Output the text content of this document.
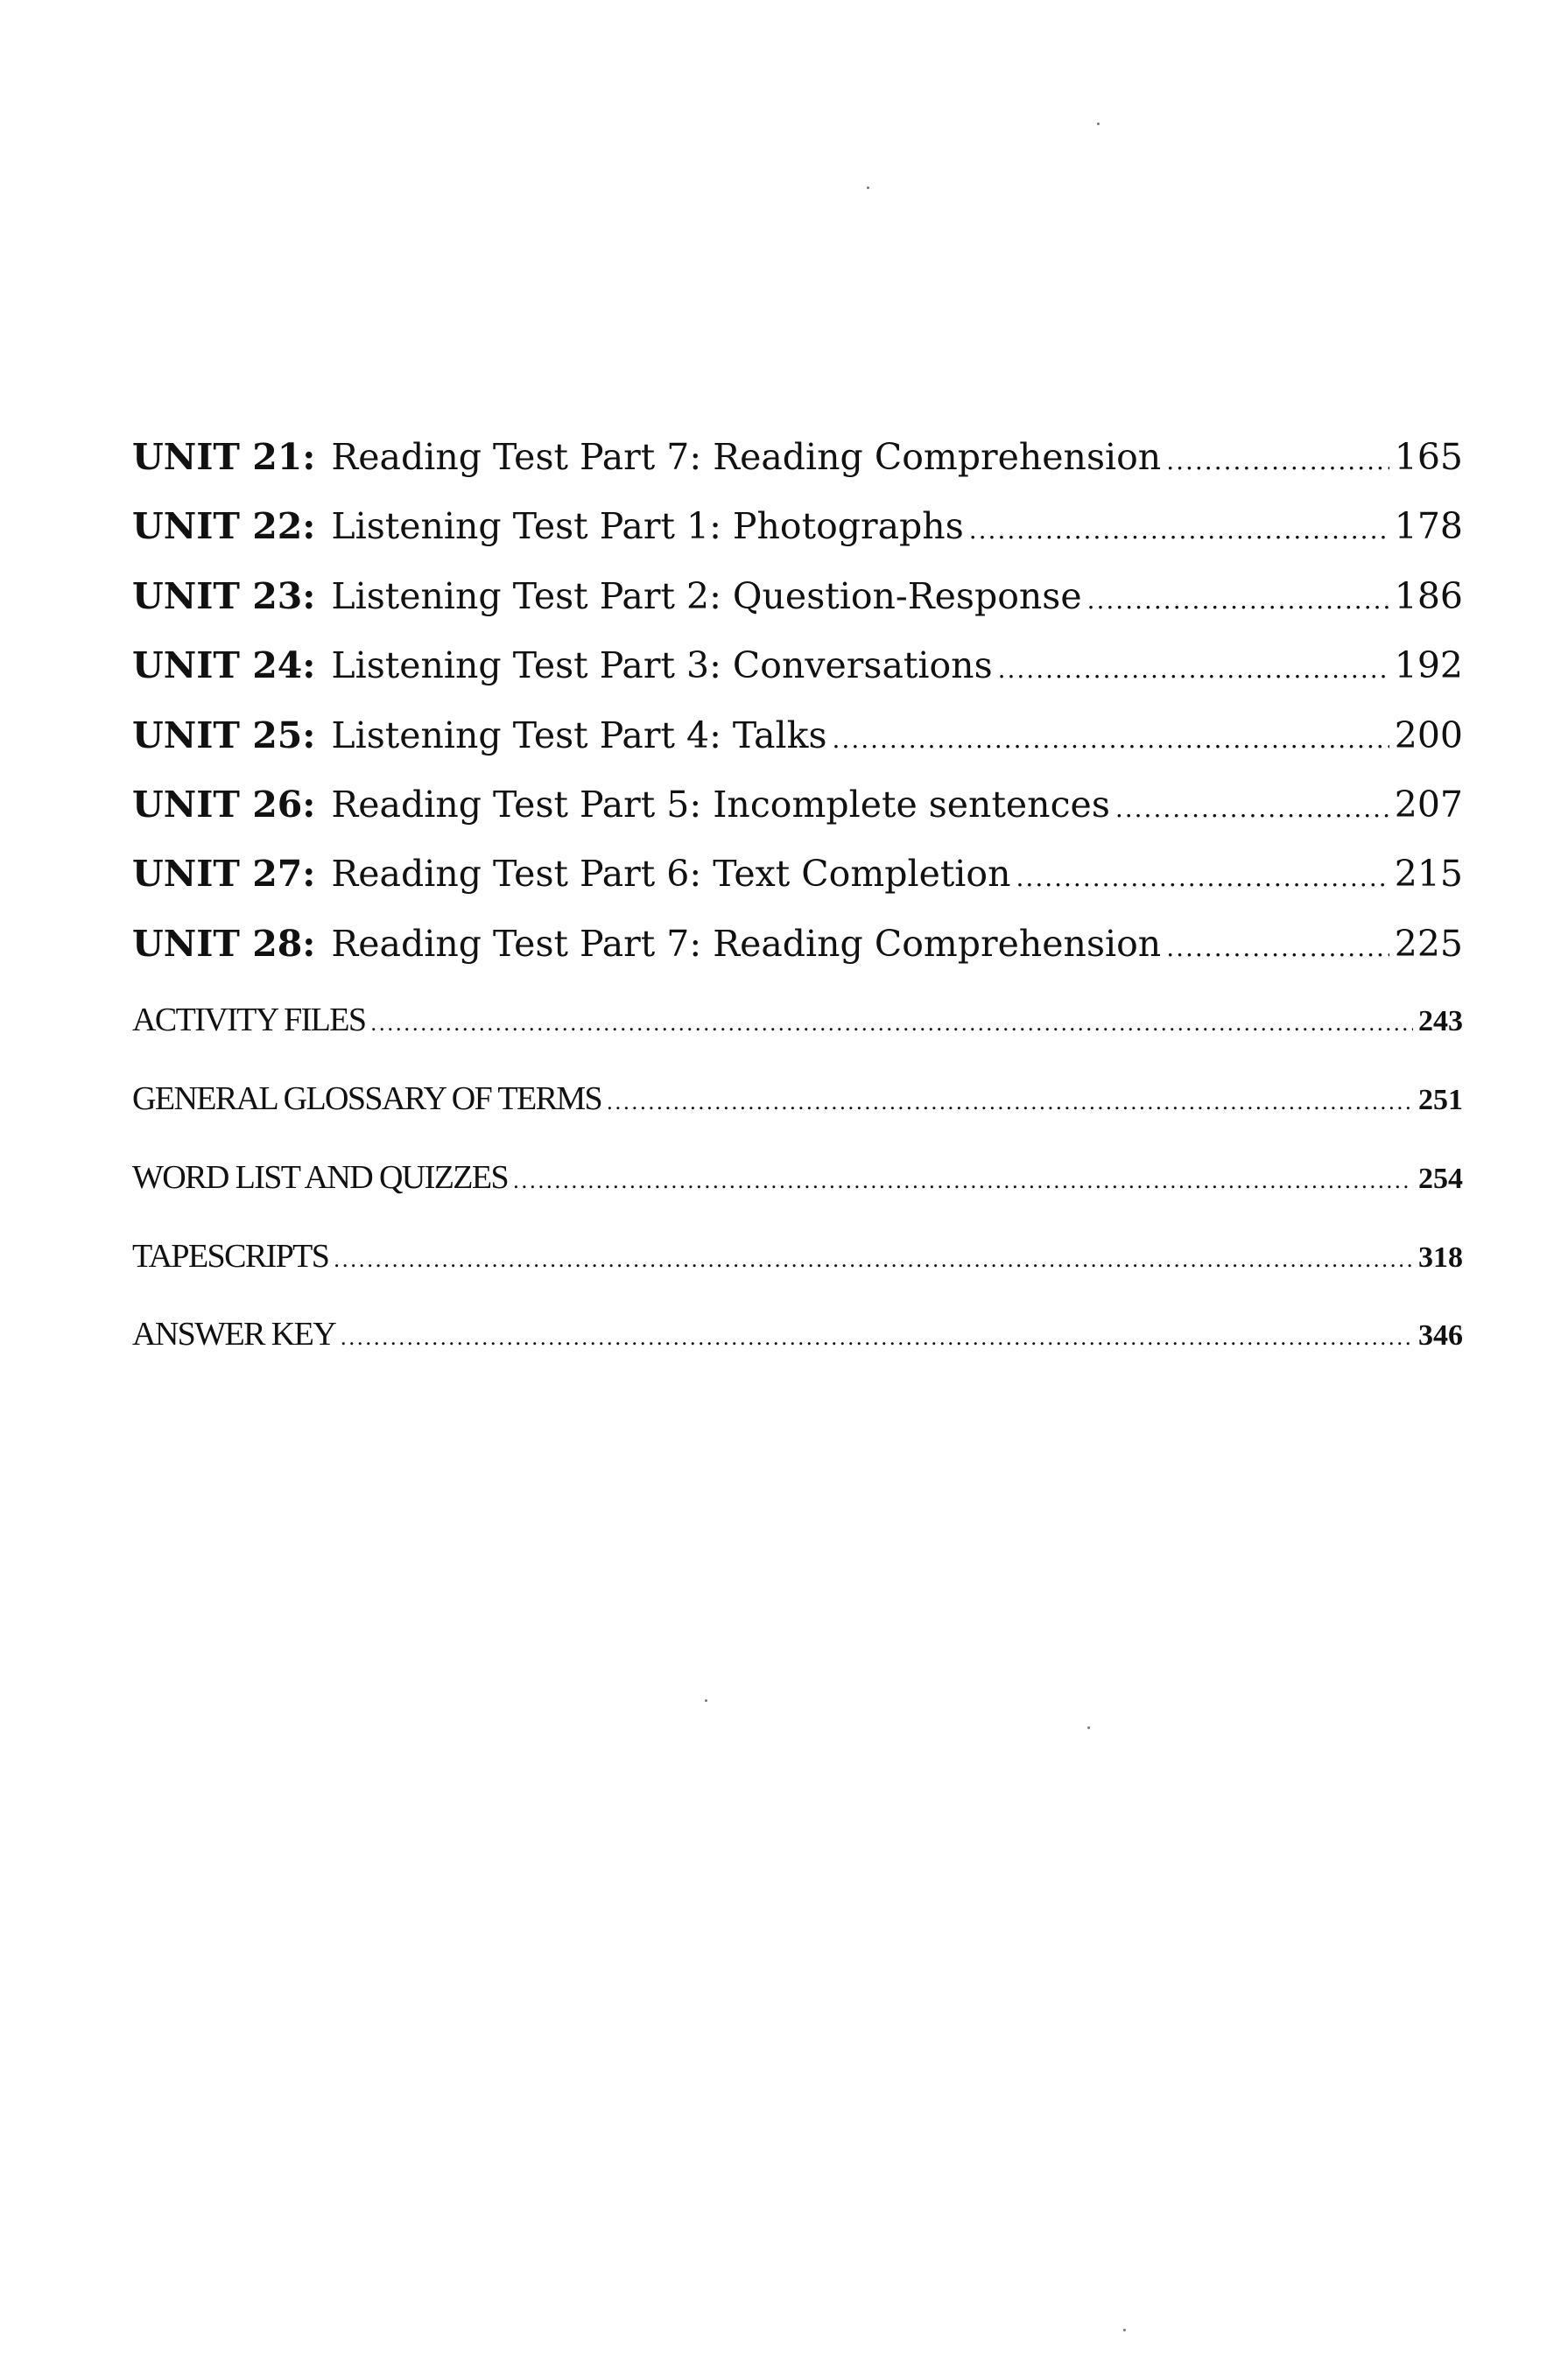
UNIT 21: Reading Test Part 7: Reading Comprehension .....	165
UNIT 22: Listening Test Part 1: Photographs .....	178
UNIT 23: Listening Test Part 2: Question-Response .....	186
UNIT 24: Listening Test Part 3: Conversations .....	192
UNIT 25: Listening Test Part 4: Talks .....	200
UNIT 26: Reading Test Part 5: Incomplete sentences .....	207
UNIT 27: Reading Test Part 6: Text Completion .....	215
UNIT 28: Reading Test Part 7: Reading Comprehension .....	225
ACTIVITY FILES .....	243
GENERAL GLOSSARY OF TERMS .....	251
WORD LIST AND QUIZZES .....	254
TAPESCRIPTS .....	318
ANSWER KEY .....	346
